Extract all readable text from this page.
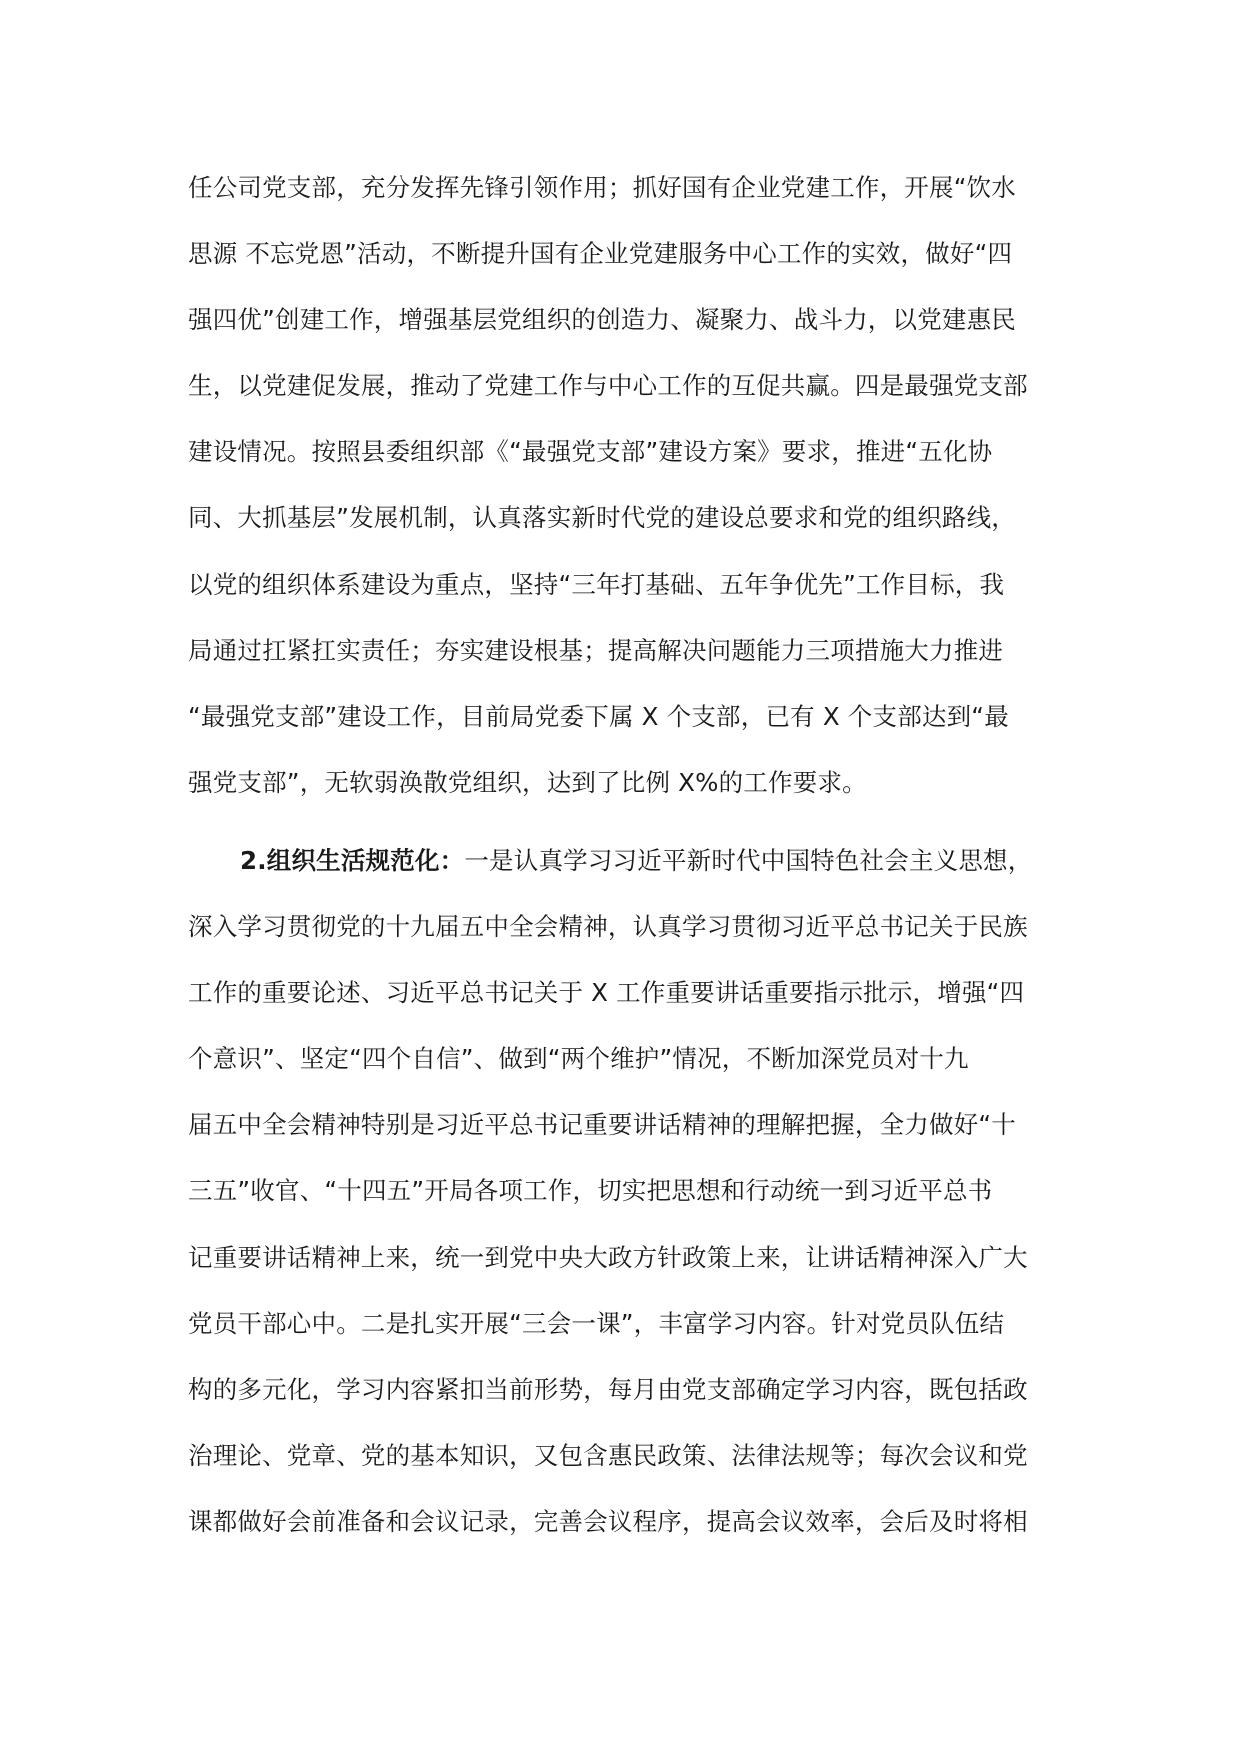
任公司党支部，充分发挥先锋引领作用；抓好国有企业党建工作，开展“饮水
思源 不忘党恩”活动，不断提升国有企业党建服务中心工作的实效，做好“四
强四优”创建工作，增强基层党组织的创造力、凝聚力、战斗力，以党建惠民
生，以党建促发展，推动了党建工作与中心工作的互促共赢。四是最强党支部
建设情况。按照县委组织部《“最强党支部”建设方案》要求，推进“五化协
同、大抓基层”发展机制，认真落实新时代党的建设总要求和党的组织路线，
以党的组织体系建设为重点，坚持“三年打基础、五年争优先”工作目标，我
局通过扛紧扛实责任；夯实建设根基；提高解决问题能力三项措施大力推进
“最强党支部”建设工作，目前局党委下属 X 个支部，已有 X 个支部达到“最
强党支部”，无软弱涣散党组织，达到了比例 X%的工作要求。
2.组织生活规范化：一是认真学习习近平新时代中国特色社会主义思想，
深入学习贯彻党的十九届五中全会精神，认真学习贯彻习近平总书记关于民族
工作的重要论述、习近平总书记关于 X 工作重要讲话重要指示批示，增强“四
个意识”、坚定“四个自信”、做到“两个维护”情况，不断加深党员对十九
届五中全会精神特别是习近平总书记重要讲话精神的理解把握，全力做好“十
三五”收官、“十四五”开局各项工作，切实把思想和行动统一到习近平总书
记重要讲话精神上来，统一到党中央大政方针政策上来，让讲话精神深入广大
党员干部心中。二是扎实开展“三会一课”，丰富学习内容。针对党员队伍结
构的多元化，学习内容紧扣当前形势，每月由党支部确定学习内容，既包括政
治理论、党章、党的基本知识，又包含惠民政策、法律法规等；每次会议和党
课都做好会前准备和会议记录，完善会议程序，提高会议效率，会后及时将相
